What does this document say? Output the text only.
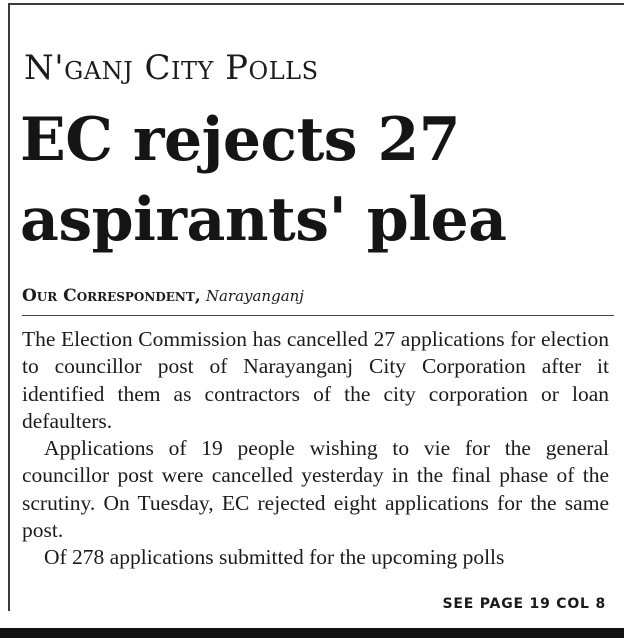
N'ganj City Polls
EC rejects 27
aspirants' plea
Our Correspondent, Narayanganj

The Election Commission has cancelled 27 applications for election to councillor post of Narayanganj City Corporation after it identified them as contractors of the city corporation or loan defaulters.

Applications of 19 people wishing to vie for the general councillor post were cancelled yesterday in the final phase of the scrutiny. On Tuesday, EC rejected eight applications for the same post.

Of 278 applications submitted for the upcoming polls

SEE PAGE 19 COL 8
